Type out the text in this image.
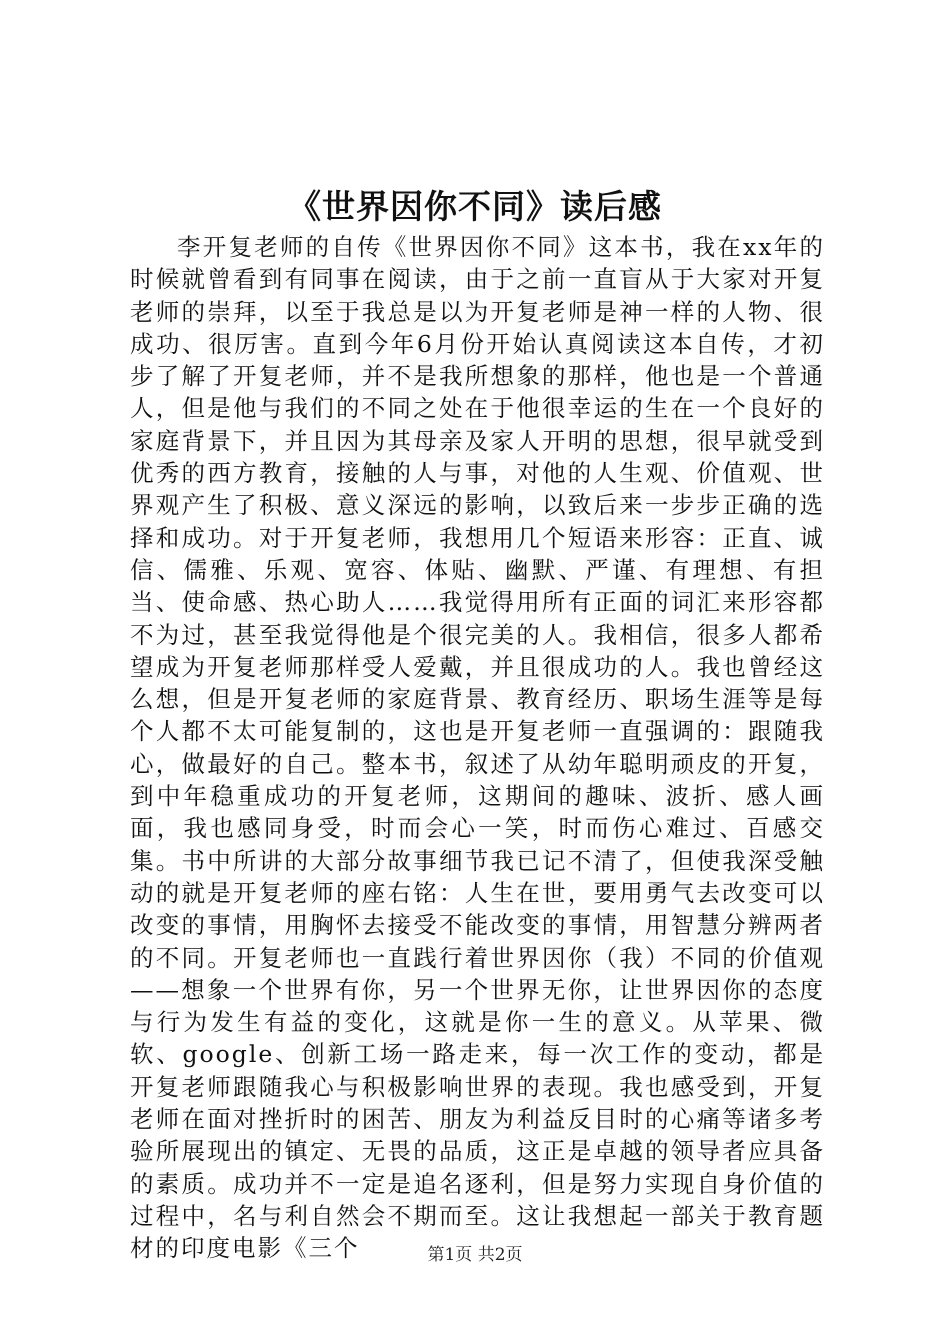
《世界因你不同》读后感

李开复老师的自传《世界因你不同》这本书，我在xx年的时候就曾看到有同事在阅读，由于之前一直盲从于大家对开复老师的崇拜，以至于我总是以为开复老师是神一样的人物、很成功、很厉害。直到今年6月份开始认真阅读这本自传，才初步了解了开复老师，并不是我所想象的那样，他也是一个普通人，但是他与我们的不同之处在于他很幸运的生在一个良好的家庭背景下，并且因为其母亲及家人开明的思想，很早就受到优秀的西方教育，接触的人与事，对他的人生观、价值观、世界观产生了积极、意义深远的影响，以致后来一步步正确的选择和成功。对于开复老师，我想用几个短语来形容：正直、诚信、儒雅、乐观、宽容、体贴、幽默、严谨、有理想、有担当、使命感、热心助人……我觉得用所有正面的词汇来形容都不为过，甚至我觉得他是个很完美的人。我相信，很多人都希望成为开复老师那样受人爱戴，并且很成功的人。我也曾经这么想，但是开复老师的家庭背景、教育经历、职场生涯等是每个人都不太可能复制的，这也是开复老师一直强调的：跟随我心，做最好的自己。整本书，叙述了从幼年聪明顽皮的开复，到中年稳重成功的开复老师，这期间的趣味、波折、感人画面，我也感同身受，时而会心一笑，时而伤心难过、百感交集。书中所讲的大部分故事细节我已记不清了，但使我深受触动的就是开复老师的座右铭：人生在世，要用勇气去改变可以改变的事情，用胸怀去接受不能改变的事情，用智慧分辨两者的不同。开复老师也一直践行着世界因你（我）不同的价值观——想象一个世界有你，另一个世界无你，让世界因你的态度与行为发生有益的变化，这就是你一生的意义。从苹果、微软、google、创新工场一路走来，每一次工作的变动，都是开复老师跟随我心与积极影响世界的表现。我也感受到，开复老师在面对挫折时的困苦、朋友为利益反目时的心痛等诸多考验所展现出的镇定、无畏的品质，这正是卓越的领导者应具备的素质。成功并不一定是追名逐利，但是努力实现自身价值的过程中，名与利自然会不期而至。这让我想起一部关于教育题材的印度电影《三个	第1页 共2页
